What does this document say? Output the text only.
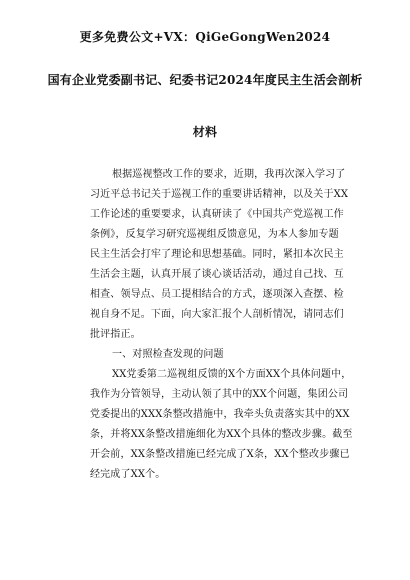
更多免费公文+VX：QiGeGongWen2024
国有企业党委副书记、纪委书记2024年度民主生活会剖析
材料
根据巡视整改工作的要求，近期，我再次深入学习了
习近平总书记关于巡视工作的重要讲话精神，以及关于XX
工作论述的重要要求，认真研读了《中国共产党巡视工作
条例》，反复学习研究巡视组反馈意见，为本人参加专题
民主生活会打牢了理论和思想基础。同时，紧扣本次民主
生活会主题，认真开展了谈心谈话活动，通过自己找、互
相查、领导点、员工提相结合的方式，逐项深入查摆、检
视自身不足。下面，向大家汇报个人剖析情况，请同志们
批评指正。
一、对照检查发现的问题
XX党委第二巡视组反馈的X个方面XX个具体问题中，
我作为分管领导，主动认领了其中的XX个问题，集团公司
党委提出的XXX条整改措施中，我牵头负责落实其中的XX
条，并将XX条整改措施细化为XX个具体的整改步骤。截至
开会前，XX条整改措施已经完成了X条，XX个整改步骤已
经完成了XX个。
